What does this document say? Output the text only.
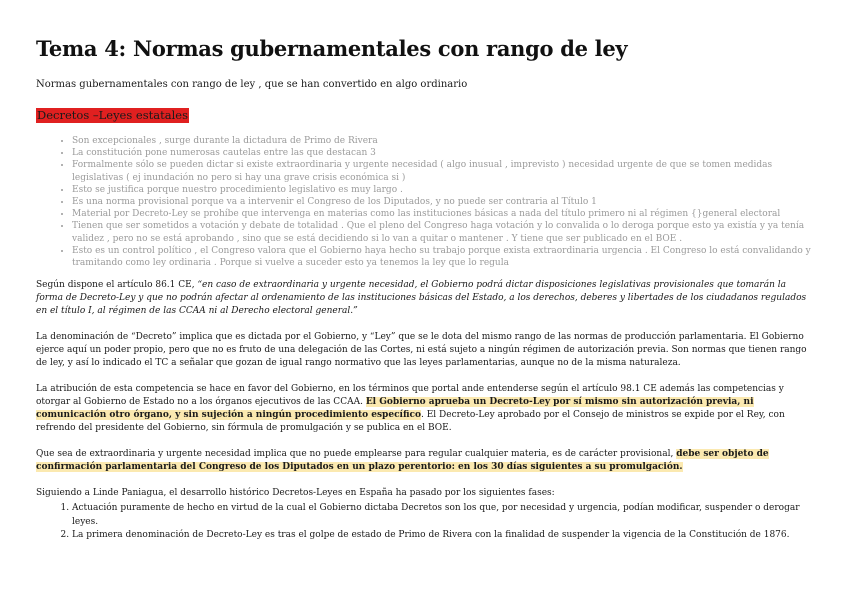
Tema 4: Normas gubernamentales con rango de ley
Normas gubernamentales con rango de ley , que se han convertido en algo ordinario
Decretos –Leyes estatales
• Son excepcionales , surge durante la dictadura de Primo de Rivera
• La constitución pone numerosas cautelas entre las que destacan 3
• Formalmente sólo se pueden dictar si existe extraordinaria y urgente necesidad ( algo inusual , imprevisto ) necesidad urgente de que se tomen medidas legislativas ( ej inundación no pero si hay una grave crisis económica si )
• Esto se justifica porque nuestro procedimiento legislativo es muy largo .
• Es una norma provisional porque va a intervenir el Congreso de los Diputados, y no puede ser contraria al Título 1
• Material por Decreto-Ley se prohíbe que intervenga en materias como las instituciones básicas a nada del título primero ni al régimen {}general electoral
• Tienen que ser sometidos a votación y debate de totalidad . Que el pleno del Congreso haga votación y lo convalida o lo deroga porque esto ya existía y ya tenía validez , pero no se está aprobando , sino que se está decidiendo si lo van a quitar o mantener . Y tiene que ser publicado en el BOE .
• Esto es un control político , el Congreso valora que el Gobierno haya hecho su trabajo porque exista extraordinaria urgencia . El Congreso lo está convalidando y tramitando como ley ordinaria . Porque si vuelve a suceder esto ya tenemos la ley que lo regula

Según dispone el artículo 86.1 CE, “en caso de extraordinaria y urgente necesidad, el Gobierno podrá dictar disposiciones legislativas provisionales que tomarán la forma de Decreto-Ley y que no podrán afectar al ordenamiento de las instituciones básicas del Estado, a los derechos, deberes y libertades de los ciudadanos regulados en el título I, al régimen de las CCAA ni al Derecho electoral general.”

La denominación de “Decreto” implica que es dictada por el Gobierno, y “Ley” que se le dota del mismo rango de las normas de producción parlamentaria. El Gobierno ejerce aquí un poder propio, pero que no es fruto de una delegación de las Cortes, ni está sujeto a ningún régimen de autorización previa. Son normas que tienen rango de ley, y así lo indicado el TC a señalar que gozan de igual rango normativo que las leyes parlamentarias, aunque no de la misma naturaleza.

La atribución de esta competencia se hace en favor del Gobierno, en los términos que portal ande entenderse según el artículo 98.1 CE además las competencias y otorgar al Gobierno de Estado no a los órganos ejecutivos de las CCAA. El Gobierno aprueba un Decreto-Ley por sí mismo sin autorización previa, ni comunicación otro órgano, y sin sujeción a ningún procedimiento específico. El Decreto-Ley aprobado por el Consejo de ministros se expide por el Rey, con refrendo del presidente del Gobierno, sin fórmula de promulgación y se publica en el BOE.

Que sea de extraordinaria y urgente necesidad implica que no puede emplearse para regular cualquier materia, es de carácter provisional, debe ser objeto de confirmación parlamentaria del Congreso de los Diputados en un plazo perentorio: en los 30 días siguientes a su promulgación.

Siguiendo a Linde Paniagua, el desarrollo histórico Decretos-Leyes en España ha pasado por los siguientes fases:

1. Actuación puramente de hecho en virtud de la cual el Gobierno dictaba Decretos son los que, por necesidad y urgencia, podían modificar, suspender o derogar leyes.
2. La primera denominación de Decreto-Ley es tras el golpe de estado de Primo de Rivera con la finalidad de suspender la vigencia de la Constitución de 1876.
